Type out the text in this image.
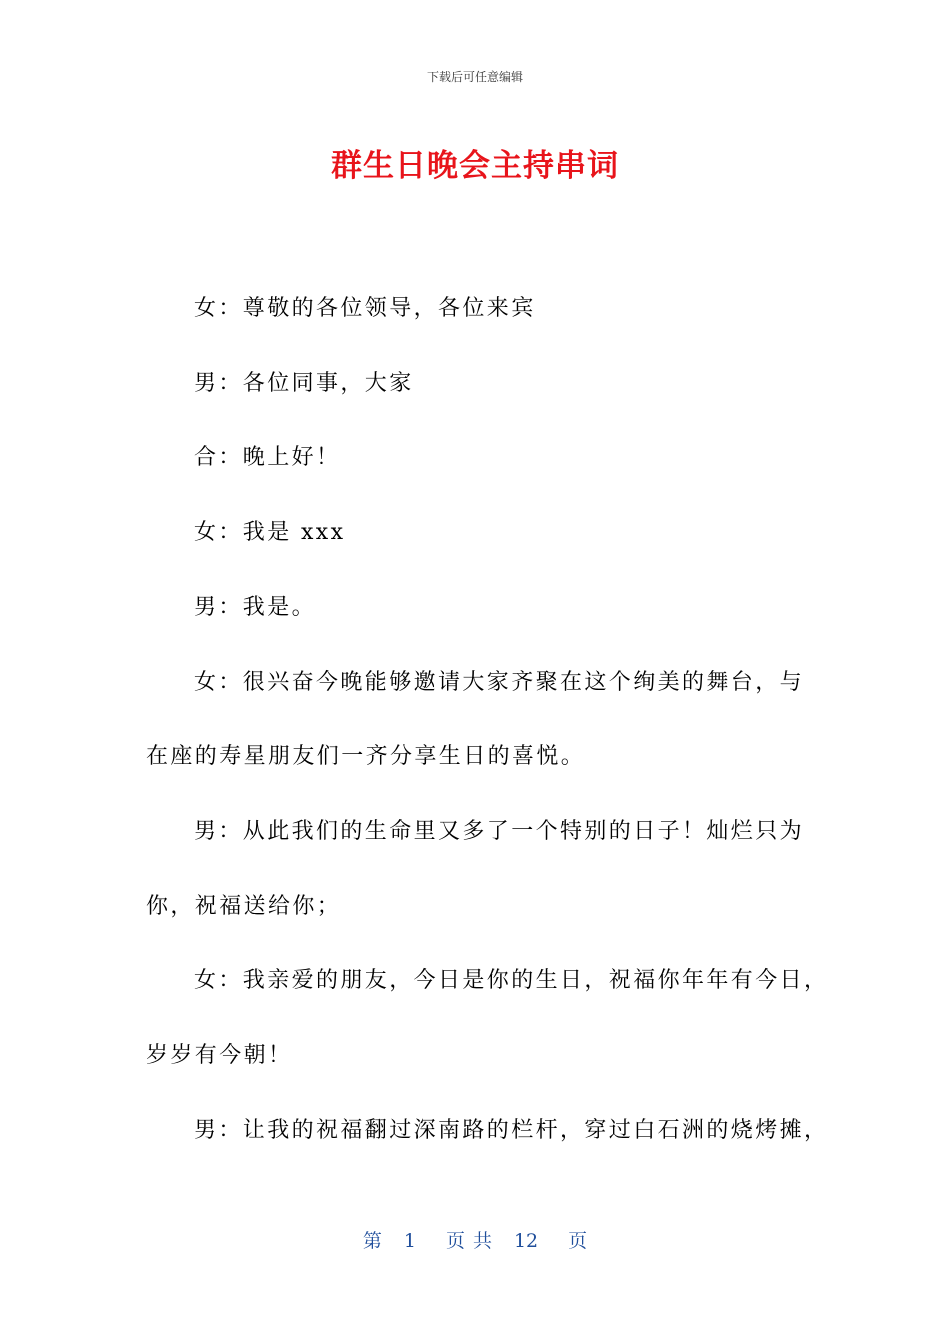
下载后可任意编辑
群生日晚会主持串词

女：尊敬的各位领导，各位来宾

男：各位同事，大家

合：晚上好！

女：我是 xxx

男：我是。

女：很兴奋今晚能够邀请大家齐聚在这个绚美的舞台，与

在座的寿星朋友们一齐分享生日的喜悦。

男：从此我们的生命里又多了一个特别的日子！灿烂只为

你，祝福送给你；

女：我亲爱的朋友，今日是你的生日，祝福你年年有今日，

岁岁有今朝！

男：让我的祝福翻过深南路的栏杆，穿过白石洲的烧烤摊，

第 1 页 共 12 页
